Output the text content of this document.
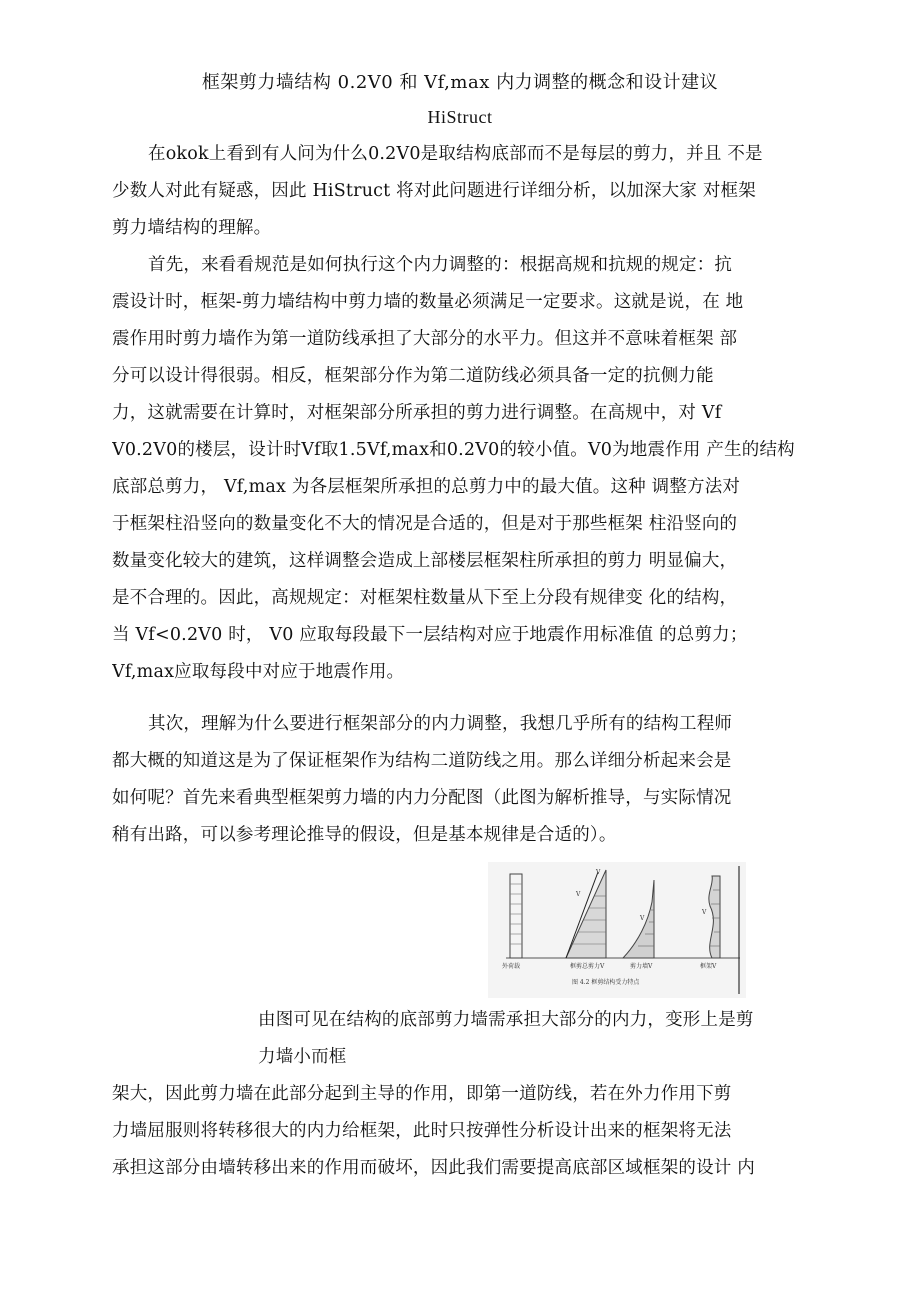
框架剪力墙结构 0.2V0 和 Vf,max 内力调整的概念和设计建议
HiStruct
在okok上看到有人问为什么0.2V0是取结构底部而不是每层的剪力，并且 不是
少数人对此有疑惑，因此 HiStruct 将对此问题进行详细分析，以加深大家 对框架
剪力墙结构的理解。
首先，来看看规范是如何执行这个内力调整的：根据高规和抗规的规定：抗
震设计时，框架-剪力墙结构中剪力墙的数量必须满足一定要求。这就是说，在 地
震作用时剪力墙作为第一道防线承担了大部分的水平力。但这并不意味着框架 部
分可以设计得很弱。相反，框架部分作为第二道防线必须具备一定的抗侧力能
力，这就需要在计算时，对框架部分所承担的剪力进行调整。在高规中，对 Vf
V0.2V0的楼层，设计时Vf取1.5Vf,max和0.2V0的较小值。V0为地震作用 产生的结构
底部总剪力， Vf,max 为各层框架所承担的总剪力中的最大值。这种 调整方法对
于框架柱沿竖向的数量变化不大的情况是合适的，但是对于那些框架 柱沿竖向的
数量变化较大的建筑，这样调整会造成上部楼层框架柱所承担的剪力 明显偏大，
是不合理的。因此，高规规定：对框架柱数量从下至上分段有规律变 化的结构，
当 Vf<0.2V0 时， V0 应取每段最下一层结构对应于地震作用标准值 的总剪力；
Vf,max应取每段中对应于地震作用。
其次，理解为什么要进行框架部分的内力调整，我想几乎所有的结构工程师
都大概的知道这是为了保证框架作为结构二道防线之用。那么详细分析起来会是
如何呢？首先来看典型框架剪力墙的内力分配图（此图为解析推导，与实际情况
稍有出路，可以参考理论推导的假设，但是基本规律是合适的）。
V
V
V
V
外荷载	框剪总剪力V	剪力墙V	框架V
图 4.2 框剪结构受力特点
由图可见在结构的底部剪力墙需承担大部分的内力，变形上是剪
力墙小而框
架大，因此剪力墙在此部分起到主导的作用，即第一道防线，若在外力作用下剪
力墙屈服则将转移很大的内力给框架，此时只按弹性分析设计出来的框架将无法
承担这部分由墙转移出来的作用而破坏，因此我们需要提高底部区域框架的设计 内
